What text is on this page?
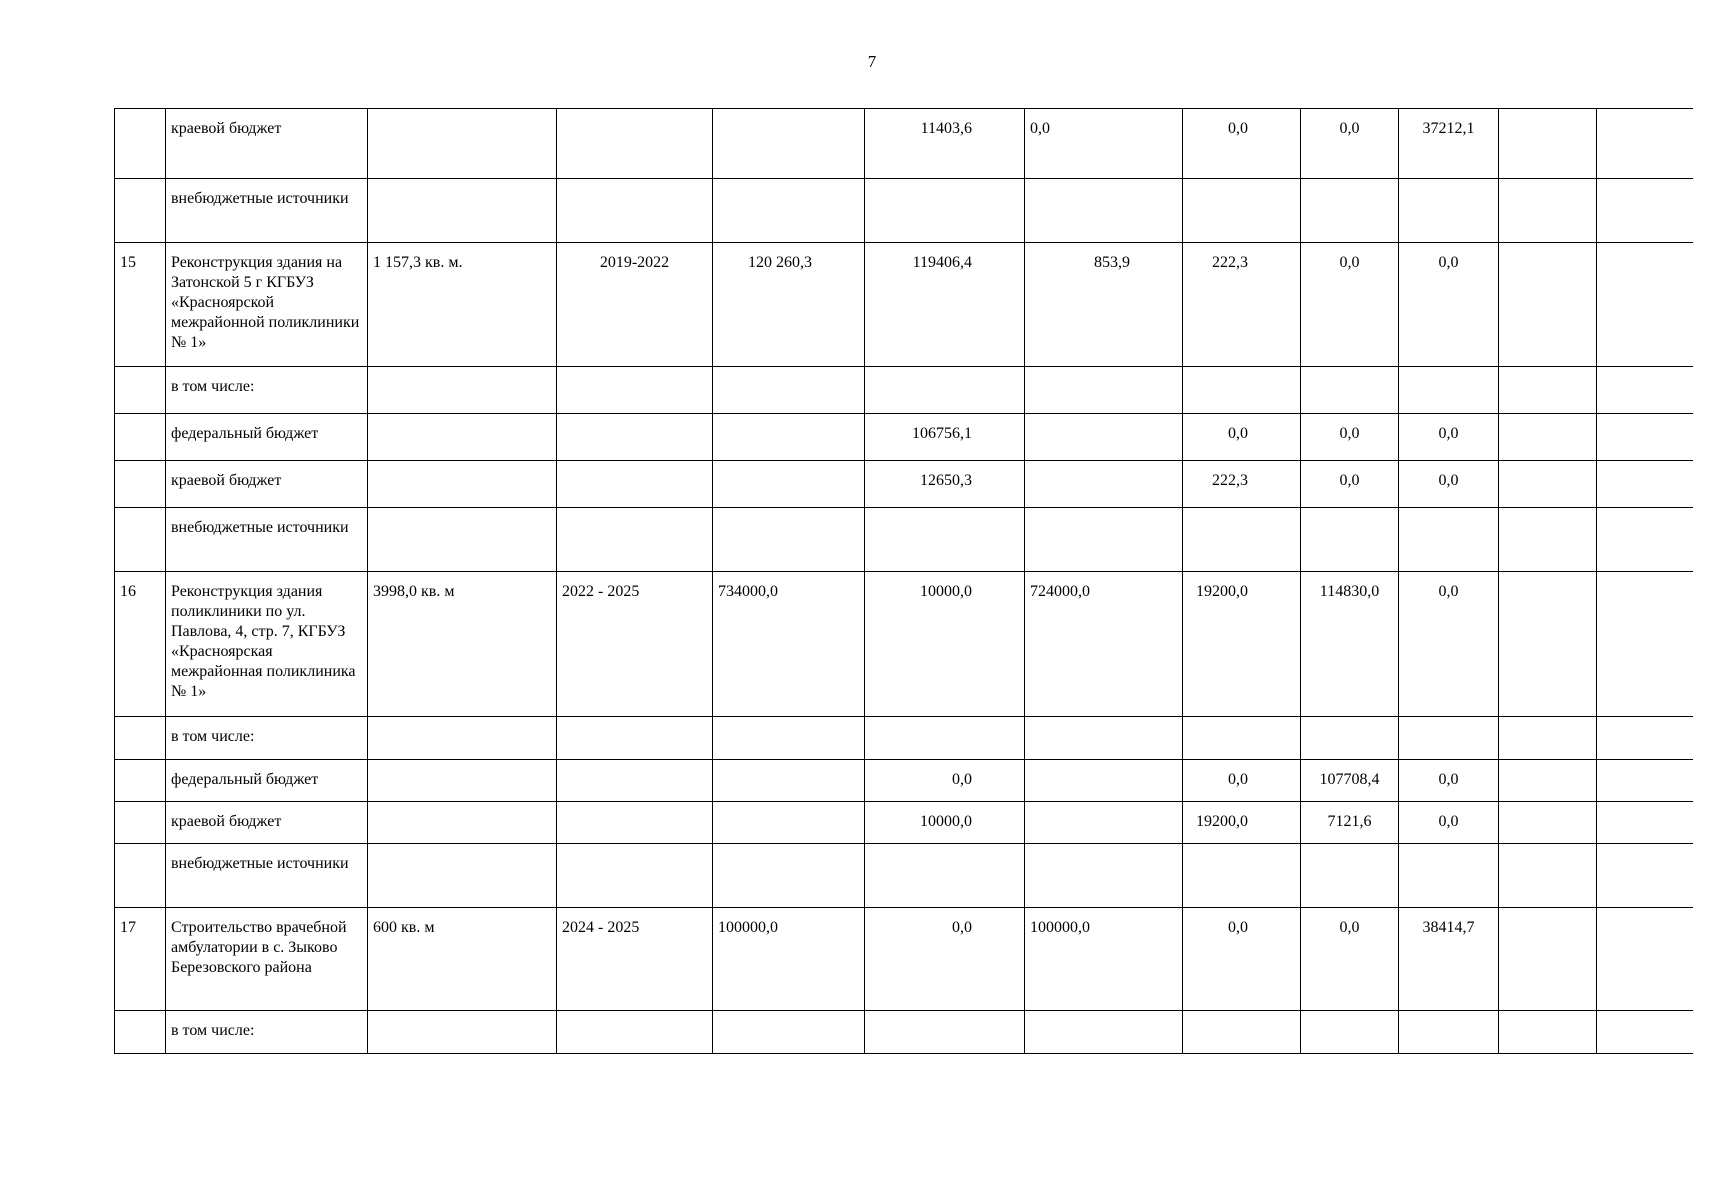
7
	краевой бюджет				11403,6	0,0	0,0	0,0	37212,1		
	внебюджетные источники										
15	Реконструкция здания на Затонской 5 г КГБУЗ «Красноярской межрайонной поликлиники № 1»	1 157,3 кв. м.	2019-2022	120 260,3	119406,4	853,9	222,3	0,0	0,0		
	в том числе:										
	федеральный бюджет				106756,1		0,0	0,0	0,0		
	краевой бюджет				12650,3		222,3	0,0	0,0		
	внебюджетные источники										
16	Реконструкция здания поликлиники по ул. Павлова, 4, стр. 7, КГБУЗ «Красноярская межрайонная поликлиника № 1»	3998,0 кв. м	2022 - 2025	734000,0	10000,0	724000,0	19200,0	114830,0	0,0		
	в том числе:										
	федеральный бюджет				0,0		0,0	107708,4	0,0		
	краевой бюджет				10000,0		19200,0	7121,6	0,0		
	внебюджетные источники										
17	Строительство врачебной амбулатории в с. Зыково Березовского района	600 кв. м	2024 - 2025	100000,0	0,0	100000,0	0,0	0,0	38414,7		
	в том числе:										
